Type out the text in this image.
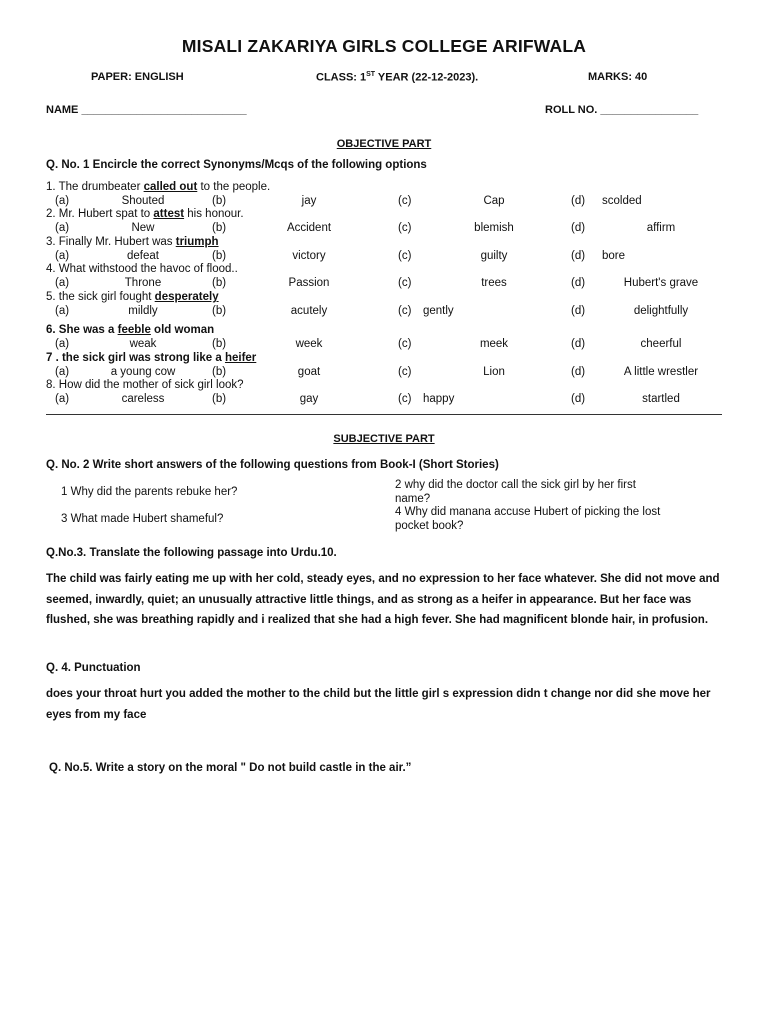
MISALI ZAKARIYA GIRLS COLLEGE ARIFWALA
PAPER: ENGLISH	CLASS: 1ST YEAR (22-12-2023).	MARKS: 40
NAME ___________________________	ROLL NO. ________________
OBJECTIVE PART
Q. No. 1 Encircle the correct Synonyms/Mcqs of the following options
1. The drumbeater called out to the people.
(a)	Shouted	(b)	jay	(c)	Cap	(d) scolded
2. Mr. Hubert spat to attest his honour.
(a)	New	(b)	Accident	(c)	blemish	(d)	affirm
3. Finally Mr. Hubert was triumph
(a)	defeat	(b)	victory	(c)	guilty	(d) bore
4. What withstood the havoc of flood..
(a)	Throne	(b)	Passion	(c)	trees	(d)	Hubert's grave
5. the sick girl fought desperately
(a)	mildly	(b)	acutely	(c) gently	(d)	delightfully
6. She was a feeble old woman
(a)	weak	(b)	week	(c)	meek	(d)	cheerful
7 . the sick girl was strong like a heifer
(a)	a young cow	(b)	goat	(c)	Lion	(d)	A little wrestler
8. How did the mother of sick girl look?
(a)	careless	(b)	gay	(c) happy	(d)	startled
SUBJECTIVE PART
Q. No. 2 Write short answers of the following questions from Book-I (Short Stories)
1 Why did the parents rebuke her?
2 why did the doctor call the sick girl by her first
name?
3 What made Hubert shameful?
4 Why did manana accuse Hubert of picking the lost
pocket book?
Q.No.3. Translate the following passage into Urdu.10.
The child was fairly eating me up with her cold, steady eyes, and no expression to her face whatever. She did not move and seemed, inwardly, quiet; an unusually attractive little things, and as strong as a heifer in appearance. But her face was flushed, she was breathing rapidly and i realized that she had a high fever. She had magnificent blonde hair, in profusion.
Q. 4. Punctuation
does your throat hurt you added the mother to the child but the little girl s expression didn t change nor did she move her eyes from my face
Q. No.5. Write a story on the moral " Do not build castle in the air.”
